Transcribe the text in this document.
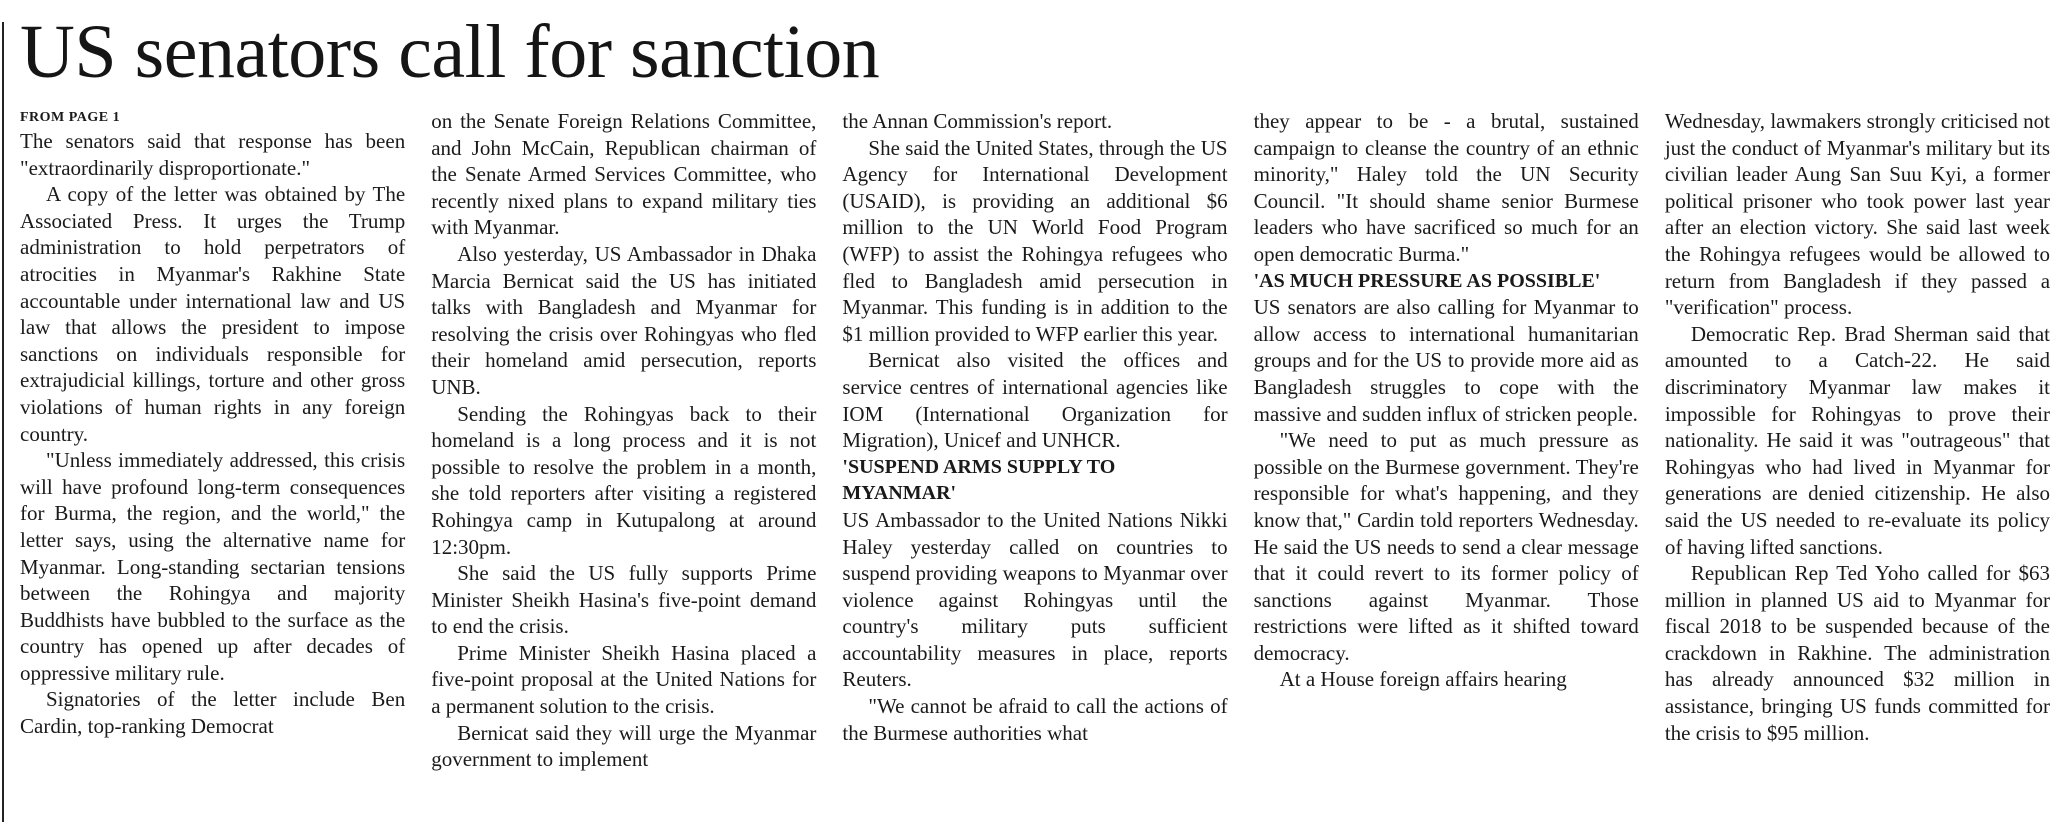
US senators call for sanction
FROM PAGE 1

The senators said that response has been "extraordinarily disproportionate."

A copy of the letter was obtained by The Associated Press. It urges the Trump administration to hold perpetrators of atrocities in Myanmar's Rakhine State accountable under international law and US law that allows the president to impose sanctions on individuals responsible for extrajudicial killings, torture and other gross violations of human rights in any foreign country.

"Unless immediately addressed, this crisis will have profound long-term consequences for Burma, the region, and the world," the letter says, using the alternative name for Myanmar. Long-standing sectarian tensions between the Rohingya and majority Buddhists have bubbled to the surface as the country has opened up after decades of oppressive military rule.

Signatories of the letter include Ben Cardin, top-ranking Democrat

on the Senate Foreign Relations Committee, and John McCain, Republican chairman of the Senate Armed Services Committee, who recently nixed plans to expand military ties with Myanmar.

Also yesterday, US Ambassador in Dhaka Marcia Bernicat said the US has initiated talks with Bangladesh and Myanmar for resolving the crisis over Rohingyas who fled their homeland amid persecution, reports UNB.

Sending the Rohingyas back to their homeland is a long process and it is not possible to resolve the problem in a month, she told reporters after visiting a registered Rohingya camp in Kutupalong at around 12:30pm.

She said the US fully supports Prime Minister Sheikh Hasina's five-point demand to end the crisis.

Prime Minister Sheikh Hasina placed a five-point proposal at the United Nations for a permanent solution to the crisis.

Bernicat said they will urge the Myanmar government to implement

the Annan Commission's report.

She said the United States, through the US Agency for International Development (USAID), is providing an additional $6 million to the UN World Food Program (WFP) to assist the Rohingya refugees who fled to Bangladesh amid persecution in Myanmar. This funding is in addition to the $1 million provided to WFP earlier this year.

Bernicat also visited the offices and service centres of international agencies like IOM (International Organization for Migration), Unicef and UNHCR.

'SUSPEND ARMS SUPPLY TO MYANMAR'

US Ambassador to the United Nations Nikki Haley yesterday called on countries to suspend providing weapons to Myanmar over violence against Rohingyas until the country's military puts sufficient accountability measures in place, reports Reuters.

"We cannot be afraid to call the actions of the Burmese authorities what

they appear to be - a brutal, sustained campaign to cleanse the country of an ethnic minority," Haley told the UN Security Council. "It should shame senior Burmese leaders who have sacrificed so much for an open democratic Burma."

'AS MUCH PRESSURE AS POSSIBLE'

US senators are also calling for Myanmar to allow access to international humanitarian groups and for the US to provide more aid as Bangladesh struggles to cope with the massive and sudden influx of stricken people.

"We need to put as much pressure as possible on the Burmese government. They're responsible for what's happening, and they know that," Cardin told reporters Wednesday. He said the US needs to send a clear message that it could revert to its former policy of sanctions against Myanmar. Those restrictions were lifted as it shifted toward democracy.

At a House foreign affairs hearing

Wednesday, lawmakers strongly criticised not just the conduct of Myanmar's military but its civilian leader Aung San Suu Kyi, a former political prisoner who took power last year after an election victory. She said last week the Rohingya refugees would be allowed to return from Bangladesh if they passed a "verification" process.

Democratic Rep. Brad Sherman said that amounted to a Catch-22. He said discriminatory Myanmar law makes it impossible for Rohingyas to prove their nationality. He said it was "outrageous" that Rohingyas who had lived in Myanmar for generations are denied citizenship. He also said the US needed to re-evaluate its policy of having lifted sanctions.

Republican Rep Ted Yoho called for $63 million in planned US aid to Myanmar for fiscal 2018 to be suspended because of the crackdown in Rakhine. The administration has already announced $32 million in assistance, bringing US funds committed for the crisis to $95 million.
